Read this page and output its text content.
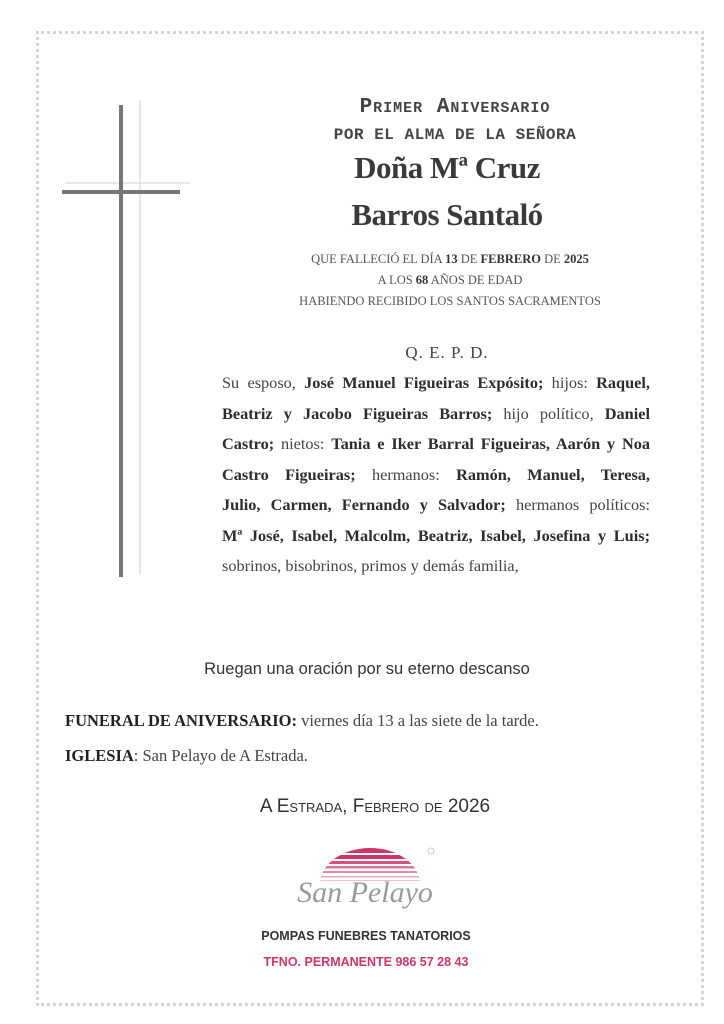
Primer Aniversario
POR EL ALMA DE LA SEÑORA
Doña Mª Cruz
Barros Santaló
QUE FALLECIÓ EL DÍA 13 DE FEBRERO DE 2025
A LOS 68 AÑOS DE EDAD
HABIENDO RECIBIDO LOS SANTOS SACRAMENTOS
Q. E. P. D.
Su esposo, José Manuel Figueiras Expósito; hijos: Raquel,
Beatriz y Jacobo Figueiras Barros; hijo político, Daniel
Castro; nietos: Tania e Iker Barral Figueiras, Aarón y Noa
Castro Figueiras; hermanos: Ramón, Manuel, Teresa,
Julio, Carmen, Fernando y Salvador; hermanos políticos:
Mª José, Isabel, Malcolm, Beatriz, Isabel, Josefina y Luis;
sobrinos, bisobrinos, primos y demás familia,
Ruegan una oración por su eterno descanso
FUNERAL DE ANIVERSARIO: viernes día 13 a las siete de la tarde.
IGLESIA: San Pelayo de A Estrada.
A Estrada, Febrero de 2026
San Pelayo
POMPAS FUNEBRES TANATORIOS
TFNO. PERMANENTE 986 57 28 43
